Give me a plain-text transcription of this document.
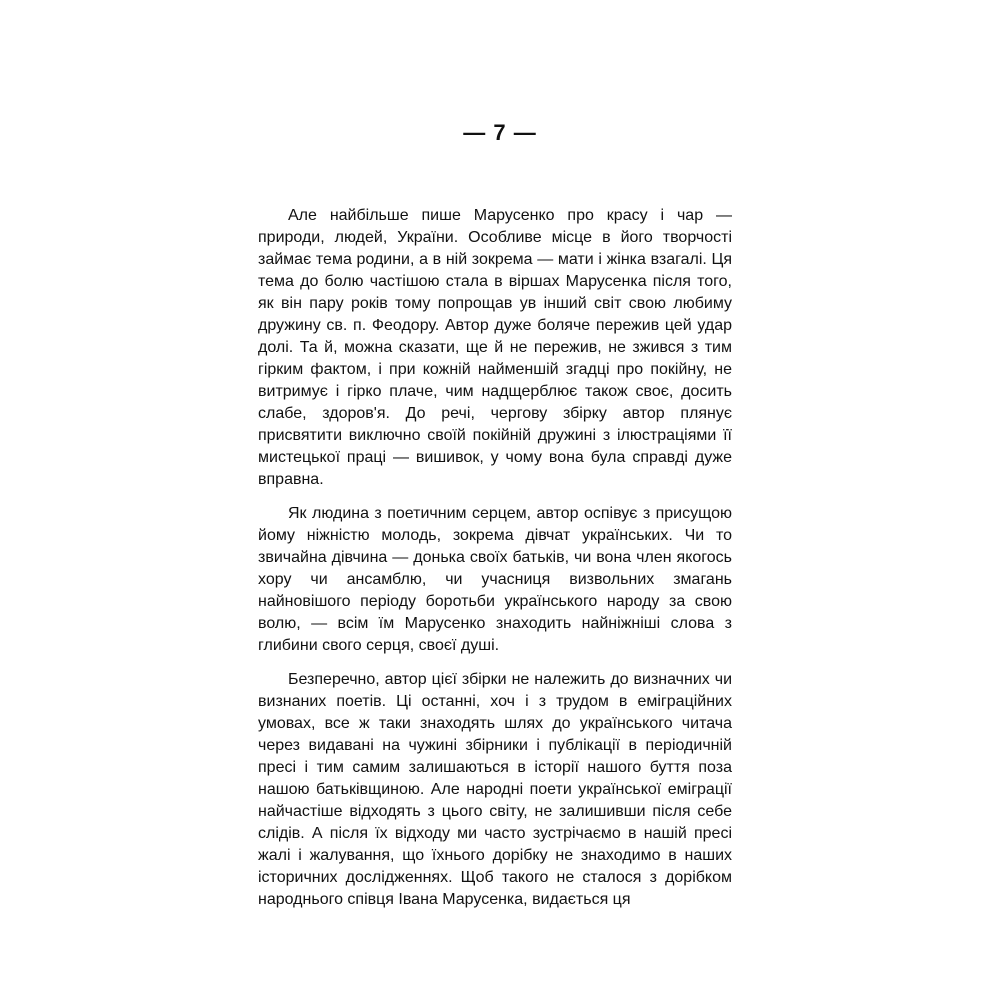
— 7 —

Але найбільше пише Марусенко про красу і чар — природи, людей, України. Особливе місце в його творчості займає тема родини, а в ній зокрема — мати і жінка взагалі. Ця тема до болю частішою стала в віршах Марусенка після того, як він пару років тому попрощав ув інший світ свою любиму дружину св. п. Феодору. Автор дуже боляче пережив цей удар долі. Та й, можна сказати, ще й не пережив, не зжився з тим гірким фактом, і при кожній найменшій згадці про покійну, не витримує і гірко плаче, чим надщерблює також своє, досить слабе, здоров'я. До речі, чергову збірку автор плянує присвятити виключно своїй покійній дружині з ілюстраціями її мистецької праці — вишивок, у чому вона була справді дуже вправна.

Як людина з поетичним серцем, автор оспівує з присущою йому ніжністю молодь, зокрема дівчат українських. Чи то звичайна дівчина — донька своїх батьків, чи вона член якогось хору чи ансамблю, чи учасниця визвольних змагань найновішого періоду боротьби українського народу за свою волю, — всім їм Марусенко знаходить найніжніші слова з глибини свого серця, своєї душі.

Безперечно, автор цієї збірки не належить до визначних чи визнаних поетів. Ці останні, хоч і з трудом в еміграційних умовах, все ж таки знаходять шлях до українського читача через видавані на чужині збірники і публікації в періодичній пресі і тим самим залишаються в історії нашого буття поза нашою батьківщиною. Але народні поети української еміграції найчастіше відходять з цього світу, не залишивши після себе слідів. А після їх відходу ми часто зустрічаємо в нашій пресі жалі і жалування, що їхнього дорібку не знаходимо в наших історичних дослідженнях. Щоб такого не сталося з дорібком народнього співця Івана Марусенка, видається ця
